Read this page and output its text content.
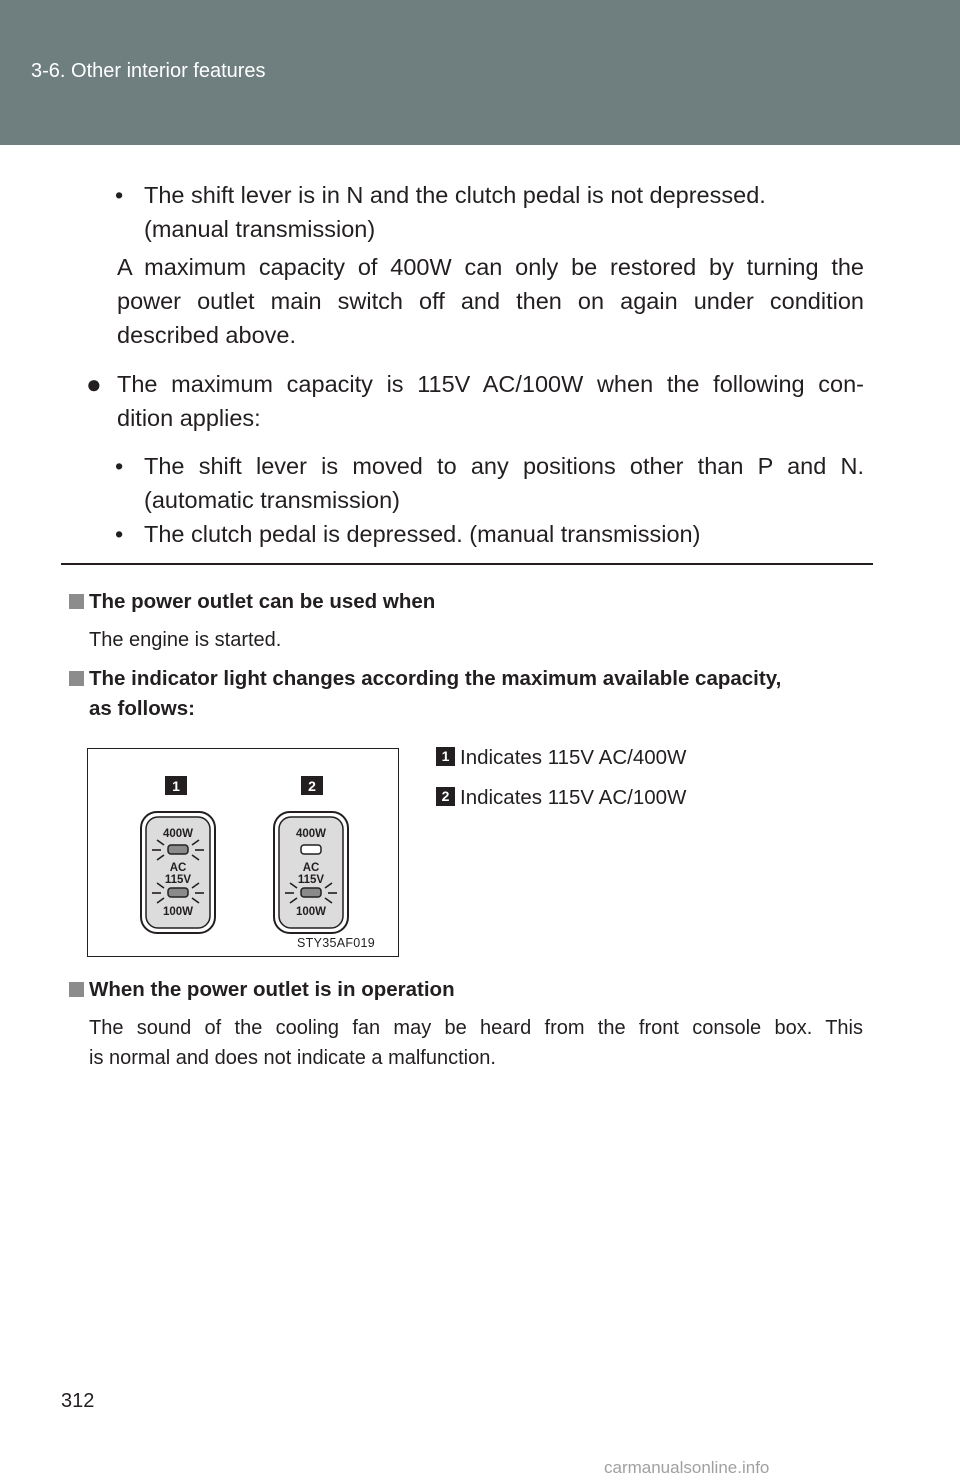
3-6. Other interior features
• The shift lever is in N and the clutch pedal is not depressed.
(manual transmission)
A maximum capacity of 400W can only be restored by turning the
power outlet main switch off and then on again under condition
described above.
● The maximum capacity is 115V AC/100W when the following con-
dition applies:
• The shift lever is moved to any positions other than P and N.
(automatic transmission)
• The clutch pedal is depressed. (manual transmission)
The power outlet can be used when
The engine is started.
The indicator light changes according the maximum available capacity,
as follows:
1	2
400W
AC
115V
100W
400W
AC
115V
100W
STY35AF019
1 Indicates 115V AC/400W
2 Indicates 115V AC/100W
When the power outlet is in operation
The sound of the cooling fan may be heard from the front console box. This
is normal and does not indicate a malfunction.
312
carmanualsonline.info
